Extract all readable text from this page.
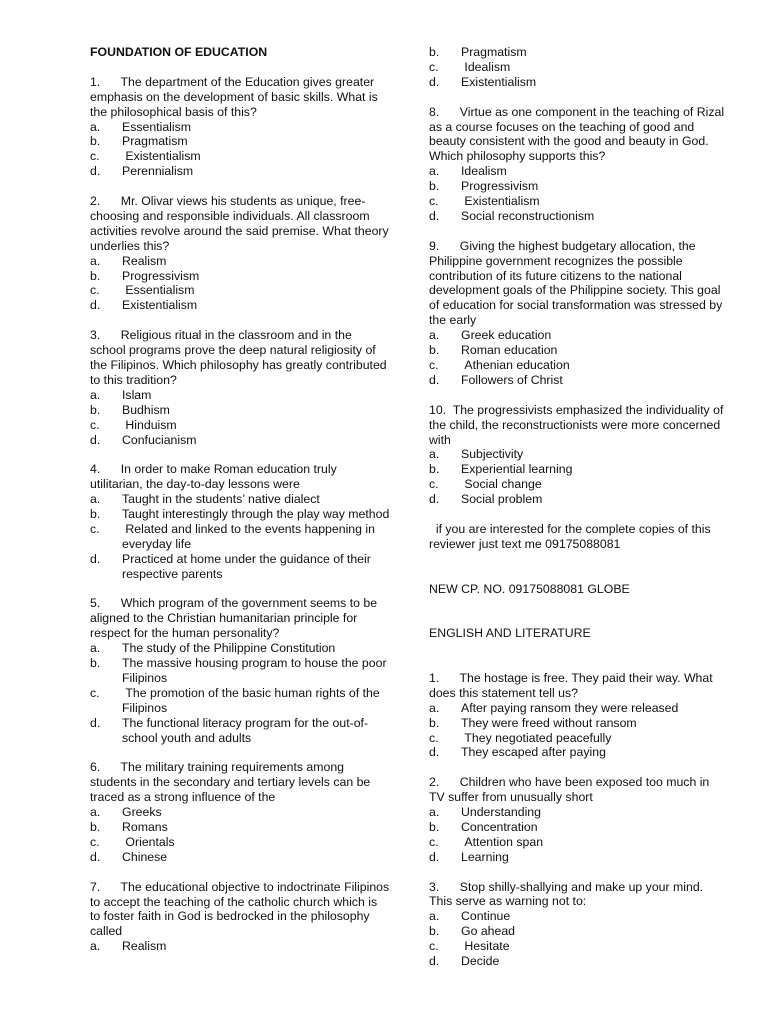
FOUNDATION OF EDUCATION

1.      The department of the Education gives greater emphasis on the development of basic skills. What is the philosophical basis of this?

a.	Essentialism
b.	Pragmatism
c.	Existentialism
d.	Perennialism

2.      Mr. Olivar views his students as unique, free-choosing and responsible individuals. All classroom activities revolve around the said premise. What theory underlies this?

a.	Realism
b.	Progressivism
c.	Essentialism
d.	Existentialism

3.      Religious ritual in the classroom and in the school programs prove the deep natural religiosity of the Filipinos. Which philosophy has greatly contributed to this tradition?

a.	Islam
b.	Budhism
c.	Hinduism
d.	Confucianism

4.      In order to make Roman education truly utilitarian, the day-to-day lessons were

a.	Taught in the students’ native dialect
b.	Taught interestingly through the play way method
c.	Related and linked to the events happening in everyday life
d.	Practiced at home under the guidance of their respective parents

5.      Which program of the government seems to be aligned to the Christian humanitarian principle for respect for the human personality?

a.	The study of the Philippine Constitution
b.	The massive housing program to house the poor Filipinos
c.	The promotion of the basic human rights of the Filipinos
d.	The functional literacy program for the out-of-school youth and adults

6.      The military training requirements among students in the secondary and tertiary levels can be traced as a strong influence of the

a.	Greeks
b.	Romans
c.	Orientals
d.	Chinese

7.      The educational objective to indoctrinate Filipinos to accept the teaching of the catholic church which is to foster faith in God is bedrocked in the philosophy called

a.	Realism
b.	Pragmatism
c.	Idealism
d.	Existentialism

8.      Virtue as one component in the teaching of Rizal as a course focuses on the teaching of good and beauty consistent with the good and beauty in God. Which philosophy supports this?

a.	Idealism
b.	Progressivism
c.	Existentialism
d.	Social reconstructionism

9.      Giving the highest budgetary allocation, the Philippine government recognizes the possible contribution of its future citizens to the national development goals of the Philippine society. This goal of education for social transformation was stressed by the early

a.	Greek education
b.	Roman education
c.	Athenian education
d.	Followers of Christ

10.  The progressivists emphasized the individuality of the child, the reconstructionists were more concerned with

a.	Subjectivity
b.	Experiential learning
c.	Social change
d.	Social problem

if you are interested for the complete copies of this reviewer just text me 09175088081

NEW CP. NO. 09175088081 GLOBE

ENGLISH AND LITERATURE

1.      The hostage is free. They paid their way. What does this statement tell us?

a.	After paying ransom they were released
b.	They were freed without ransom
c.	They negotiated peacefully
d.	They escaped after paying

2.      Children who have been exposed too much in TV suffer from unusually short

a.	Understanding
b.	Concentration
c.	Attention span
d.	Learning

3.      Stop shilly-shallying and make up your mind. This serve as warning not to:

a.	Continue
b.	Go ahead
c.	Hesitate
d.	Decide
